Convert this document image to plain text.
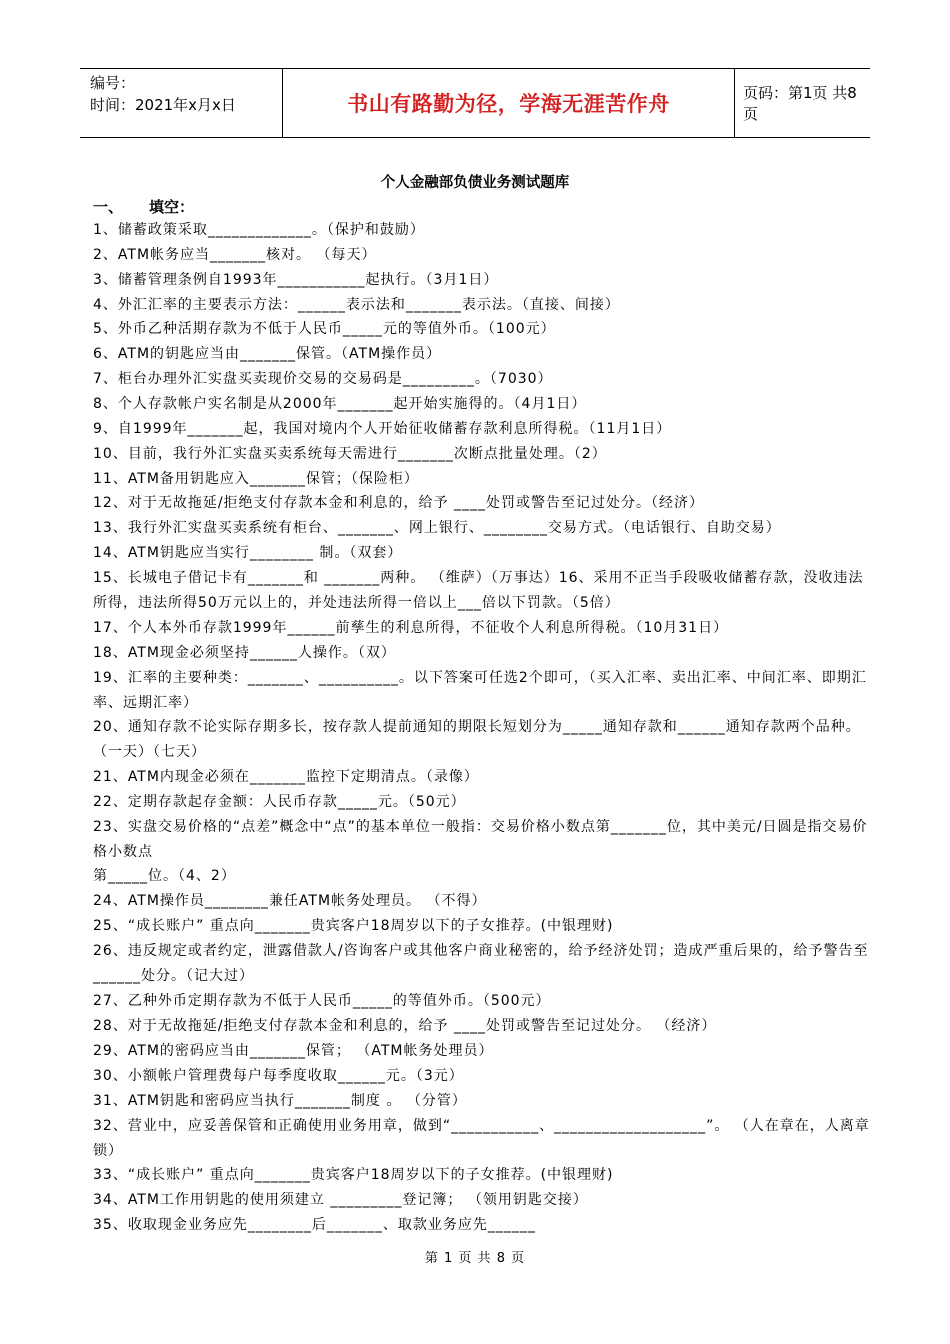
编号：
时间：2021年x月x日	书山有路勤为径，学海无涯苦作舟	页码：第1页 共8页
个人金融部负债业务测试题库
一、 填空：
1、储蓄政策采取_____________。（保护和鼓励）
2、ATM帐务应当_______核对。 （每天）
3、储蓄管理条例自1993年___________起执行。（3月1日）
4、外汇汇率的主要表示方法：______表示法和_______表示法。（直接、间接）
5、外币乙种活期存款为不低于人民币_____元的等值外币。（100元）
6、ATM的钥匙应当由_______保管。（ATM操作员）
7、柜台办理外汇实盘买卖现价交易的交易码是_________。（7030）
8、个人存款帐户实名制是从2000年_______起开始实施得的。（4月1日）
9、自1999年_______起，我国对境内个人开始征收储蓄存款利息所得税。（11月1日）
10、目前，我行外汇实盘买卖系统每天需进行_______次断点批量处理。（2）
11、ATM备用钥匙应入_______保管；（保险柜）
12、对于无故拖延/拒绝支付存款本金和利息的，给予 ____处罚或警告至记过处分。（经济）
13、我行外汇实盘买卖系统有柜台、_______、网上银行、________交易方式。（电话银行、自助交易）
14、ATM钥匙应当实行________ 制。（双套）
15、长城电子借记卡有_______和 _______两种。 （维萨）（万事达）16、采用不正当手段吸收储蓄存款，没收违法所得，违法所得50万元以上的，并处违法所得一倍以上___倍以下罚款。（5倍）
17、个人本外币存款1999年______前孳生的利息所得，不征收个人利息所得税。（10月31日）
18、ATM现金必须坚持______人操作。（双）
19、汇率的主要种类：_______、__________。以下答案可任选2个即可，（买入汇率、卖出汇率、中间汇率、即期汇率、远期汇率）
20、通知存款不论实际存期多长，按存款人提前通知的期限长短划分为_____通知存款和______通知存款两个品种。（一天）（七天）
21、ATM内现金必须在_______监控下定期清点。（录像）
22、定期存款起存金额：人民币存款_____元。（50元）
23、实盘交易价格的“点差”概念中“点”的基本单位一般指：交易价格小数点第_______位，其中美元/日圆是指交易价格小数点
第_____位。（4、2）
24、ATM操作员________兼任ATM帐务处理员。 （不得）
25、“成长账户” 重点向_______贵宾客户18周岁以下的子女推荐。(中银理财)
26、违反规定或者约定，泄露借款人/咨询客户或其他客户商业秘密的，给予经济处罚；造成严重后果的，给予警告至______处分。（记大过）
27、乙种外币定期存款为不低于人民币_____的等值外币。（500元）
28、对于无故拖延/拒绝支付存款本金和利息的，给予 ____处罚或警告至记过处分。 （经济）
29、ATM的密码应当由_______保管； （ATM帐务处理员）
30、小额帐户管理费每户每季度收取______元。（3元）
31、ATM钥匙和密码应当执行_______制度 。 （分管）
32、营业中，应妥善保管和正确使用业务用章，做到“___________、___________________”。 （人在章在，人离章锁）
33、“成长账户” 重点向_______贵宾客户18周岁以下的子女推荐。(中银理财)
34、ATM工作用钥匙的使用须建立 _________登记簿； （领用钥匙交接）
35、收取现金业务应先________后_______、取款业务应先______
第 1 页 共 8 页
